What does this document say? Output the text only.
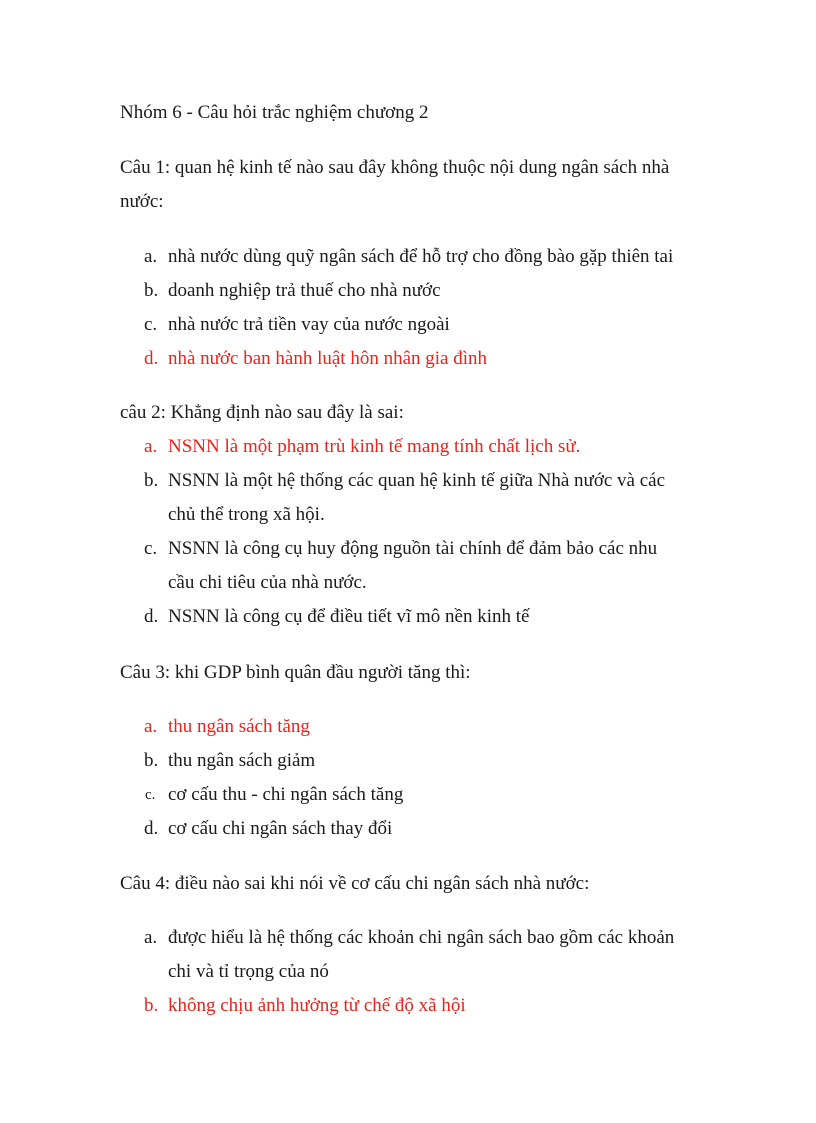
Nhóm 6 - Câu hỏi trắc nghiệm chương 2
Câu 1: quan hệ kinh tế nào sau đây không thuộc nội dung ngân sách nhà nước:
a. nhà nước dùng quỹ ngân sách để hỗ trợ cho đồng bào gặp thiên tai
b. doanh nghiệp trả thuế cho nhà nước
c. nhà nước trả tiền vay của nước ngoài
d. nhà nước ban hành luật hôn nhân gia đình
câu 2: Khẳng định nào sau đây là sai:
a. NSNN là một phạm trù kinh tế mang tính chất lịch sử.
b. NSNN là một hệ thống các quan hệ kinh tế giữa Nhà nước và các chủ thể trong xã hội.
c. NSNN là công cụ huy động nguồn tài chính để đảm bảo các nhu cầu chi tiêu của nhà nước.
d. NSNN là công cụ để điều tiết vĩ mô nền kinh tế
Câu 3: khi GDP bình quân đầu người tăng thì:
a. thu ngân sách tăng
b. thu ngân sách giảm
c. cơ cấu thu - chi ngân sách tăng
d. cơ cấu chi ngân sách thay đổi
Câu 4: điều nào sai khi nói về cơ cấu chi ngân sách nhà nước:
a. được hiểu là hệ thống các khoản chi ngân sách bao gồm các khoản chi và tỉ trọng của nó
b. không chịu ảnh hưởng từ chế độ xã hội
